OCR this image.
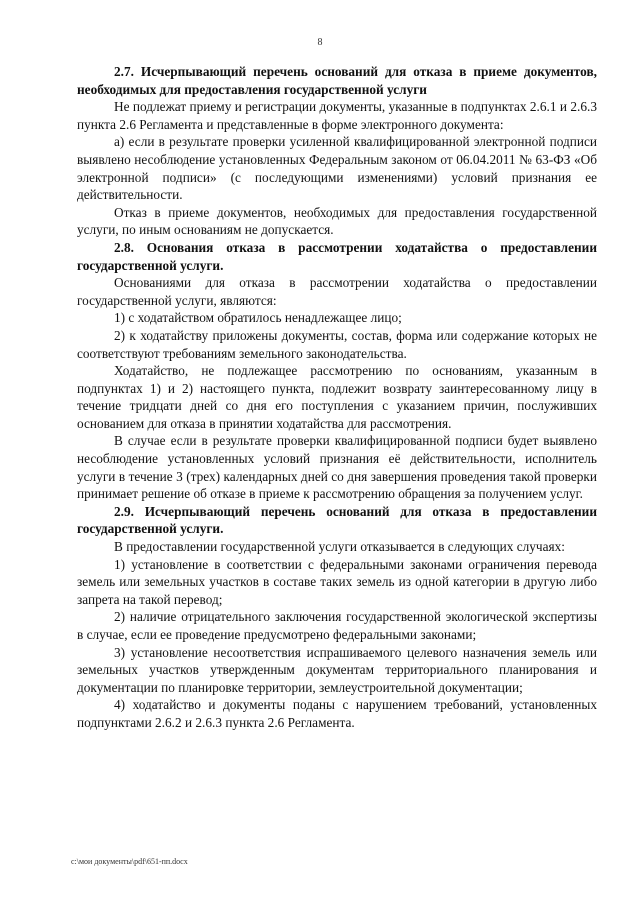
8

2.7. Исчерпывающий перечень оснований для отказа в приеме документов, необходимых для предоставления государственной услуги

Не подлежат приему и регистрации документы, указанные в подпунктах 2.6.1 и 2.6.3 пункта 2.6 Регламента и представленные в форме электронного документа:

а) если в результате проверки усиленной квалифицированной электронной подписи выявлено несоблюдение установленных Федеральным законом от 06.04.2011 № 63-ФЗ «Об электронной подписи» (с последующими изменениями) условий признания ее действительности.

Отказ в приеме документов, необходимых для предоставления государственной услуги, по иным основаниям не допускается.

2.8. Основания отказа в рассмотрении ходатайства о предоставлении государственной услуги.

Основаниями для отказа в рассмотрении ходатайства о предоставлении государственной услуги, являются:

1) с ходатайством обратилось ненадлежащее лицо;

2) к ходатайству приложены документы, состав, форма или содержание которых не соответствуют требованиям земельного законодательства.

Ходатайство, не подлежащее рассмотрению по основаниям, указанным в подпунктах 1) и 2) настоящего пункта, подлежит возврату заинтересованному лицу в течение тридцати дней со дня его поступления с указанием причин, послуживших основанием для отказа в принятии ходатайства для рассмотрения.

В случае если в результате проверки квалифицированной подписи будет выявлено несоблюдение установленных условий признания её действительности, исполнитель услуги в течение 3 (трех) календарных дней со дня завершения проведения такой проверки принимает решение об отказе в приеме к рассмотрению обращения за получением услуг.

2.9. Исчерпывающий перечень оснований для отказа в предоставлении государственной услуги.

В предоставлении государственной услуги отказывается в следующих случаях:

1) установление в соответствии с федеральными законами ограничения перевода земель или земельных участков в составе таких земель из одной категории в другую либо запрета на такой перевод;

2) наличие отрицательного заключения государственной экологической экспертизы в случае, если ее проведение предусмотрено федеральными законами;

3) установление несоответствия испрашиваемого целевого назначения земель или земельных участков утвержденным документам территориального планирования и документации по планировке территории, землеустроительной документации;

4) ходатайство и документы поданы с нарушением требований, установленных подпунктами 2.6.2 и 2.6.3 пункта 2.6 Регламента.

c:\мои документы\pdf\651-пп.docx
